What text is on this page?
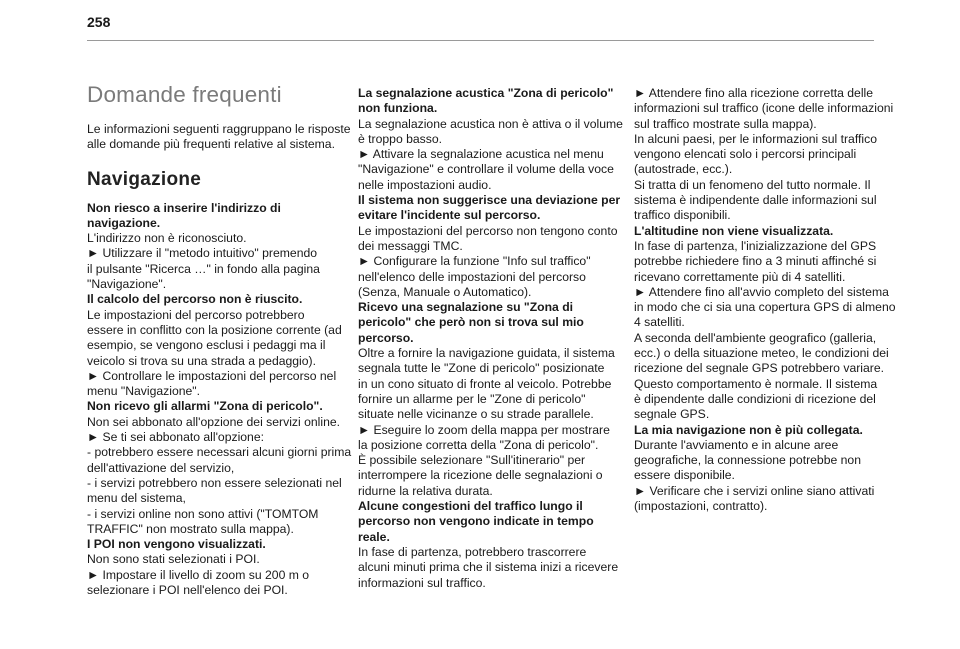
258
Domande frequenti
Le informazioni seguenti raggruppano le risposte
alle domande più frequenti relative al sistema.
Navigazione
Non riesco a inserire l'indirizzo di
navigazione.
L'indirizzo non è riconosciuto.
► Utilizzare il "metodo intuitivo" premendo
il pulsante "Ricerca …" in fondo alla pagina
"Navigazione".
Il calcolo del percorso non è riuscito.
Le impostazioni del percorso potrebbero
essere in conflitto con la posizione corrente (ad
esempio, se vengono esclusi i pedaggi ma il
veicolo si trova su una strada a pedaggio).
► Controllare le impostazioni del percorso nel
menu "Navigazione".
Non ricevo gli allarmi "Zona di pericolo".
Non sei abbonato all'opzione dei servizi online.
► Se ti sei abbonato all'opzione:
- potrebbero essere necessari alcuni giorni prima
dell'attivazione del servizio,
- i servizi potrebbero non essere selezionati nel
menu del sistema,
- i servizi online non sono attivi ("TOMTOM
TRAFFIC" non mostrato sulla mappa).
I POI non vengono visualizzati.
Non sono stati selezionati i POI.
► Impostare il livello di zoom su 200 m o
selezionare i POI nell'elenco dei POI.
La segnalazione acustica "Zona di pericolo"
non funziona.
La segnalazione acustica non è attiva o il volume
è troppo basso.
► Attivare la segnalazione acustica nel menu
"Navigazione" e controllare il volume della voce
nelle impostazioni audio.
Il sistema non suggerisce una deviazione per
evitare l'incidente sul percorso.
Le impostazioni del percorso non tengono conto
dei messaggi TMC.
► Configurare la funzione "Info sul traffico"
nell'elenco delle impostazioni del percorso
(Senza, Manuale o Automatico).
Ricevo una segnalazione su "Zona di
pericolo" che però non si trova sul mio
percorso.
Oltre a fornire la navigazione guidata, il sistema
segnala tutte le "Zone di pericolo" posizionate
in un cono situato di fronte al veicolo. Potrebbe
fornire un allarme per le "Zone di pericolo"
situate nelle vicinanze o su strade parallele.
► Eseguire lo zoom della mappa per mostrare
la posizione corretta della "Zona di pericolo".
È possibile selezionare "Sull'itinerario" per
interrompere la ricezione delle segnalazioni o
ridurne la relativa durata.
Alcune congestioni del traffico lungo il
percorso non vengono indicate in tempo
reale.
In fase di partenza, potrebbero trascorrere
alcuni minuti prima che il sistema inizi a ricevere
informazioni sul traffico.
► Attendere fino alla ricezione corretta delle
informazioni sul traffico (icone delle informazioni
sul traffico mostrate sulla mappa).
In alcuni paesi, per le informazioni sul traffico
vengono elencati solo i percorsi principali
(autostrade, ecc.).
Si tratta di un fenomeno del tutto normale. Il
sistema è indipendente dalle informazioni sul
traffico disponibili.
L'altitudine non viene visualizzata.
In fase di partenza, l'inizializzazione del GPS
potrebbe richiedere fino a 3 minuti affinché si
ricevano correttamente più di 4 satelliti.
► Attendere fino all'avvio completo del sistema
in modo che ci sia una copertura GPS di almeno
4 satelliti.
A seconda dell'ambiente geografico (galleria,
ecc.) o della situazione meteo, le condizioni dei
ricezione del segnale GPS potrebbero variare.
Questo comportamento è normale. Il sistema
è dipendente dalle condizioni di ricezione del
segnale GPS.
La mia navigazione non è più collegata.
Durante l'avviamento e in alcune aree
geografiche, la connessione potrebbe non
essere disponibile.
► Verificare che i servizi online siano attivati
(impostazioni, contratto).
